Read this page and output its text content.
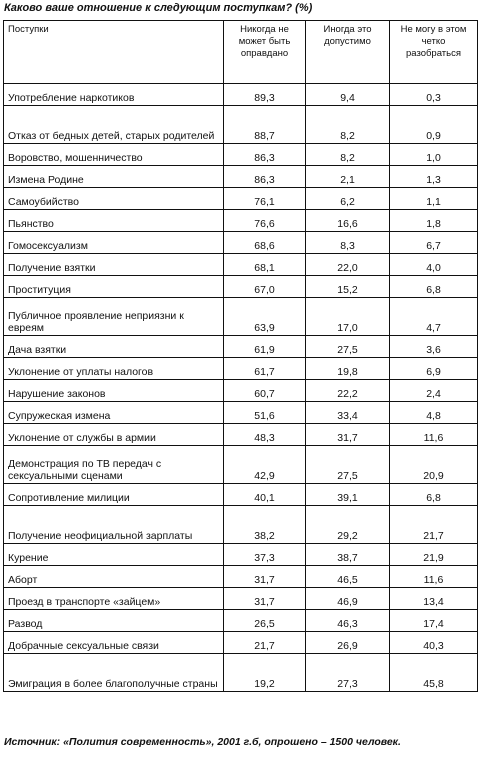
Каково ваше отношение к следующим поступкам? (%)
Поступки	Никогда не может быть оправдано	Иногда это допустимо	Не могу в этом четко разобраться
Употребление наркотиков	89,3	9,4	0,3
Отказ от бедных детей, старых родителей	88,7	8,2	0,9
Воровство, мошенничество	86,3	8,2	1,0
Измена Родине	86,3	2,1	1,3
Самоубийство	76,1	6,2	1,1
Пьянство	76,6	16,6	1,8
Гомосексуализм	68,6	8,3	6,7
Получение взятки	68,1	22,0	4,0
Проституция	67,0	15,2	6,8
Публичное проявление неприязни к евреям	63,9	17,0	4,7
Дача взятки	61,9	27,5	3,6
Уклонение от уплаты налогов	61,7	19,8	6,9
Нарушение законов	60,7	22,2	2,4
Супружеская измена	51,6	33,4	4,8
Уклонение от службы в армии	48,3	31,7	11,6
Демонстрация по ТВ передач с сексуальными сценами	42,9	27,5	20,9
Сопротивление милиции	40,1	39,1	6,8
Получение неофициальной зарплаты	38,2	29,2	21,7
Курение	37,3	38,7	21,9
Аборт	31,7	46,5	11,6
Проезд в транспорте «зайцем»	31,7	46,9	13,4
Развод	26,5	46,3	17,4
Добрачные сексуальные связи	21,7	26,9	40,3
Эмиграция в более благополучные страны	19,2	27,3	45,8
Источник: «Полития современность», 2001 г.б, опрошено – 1500 человек.
